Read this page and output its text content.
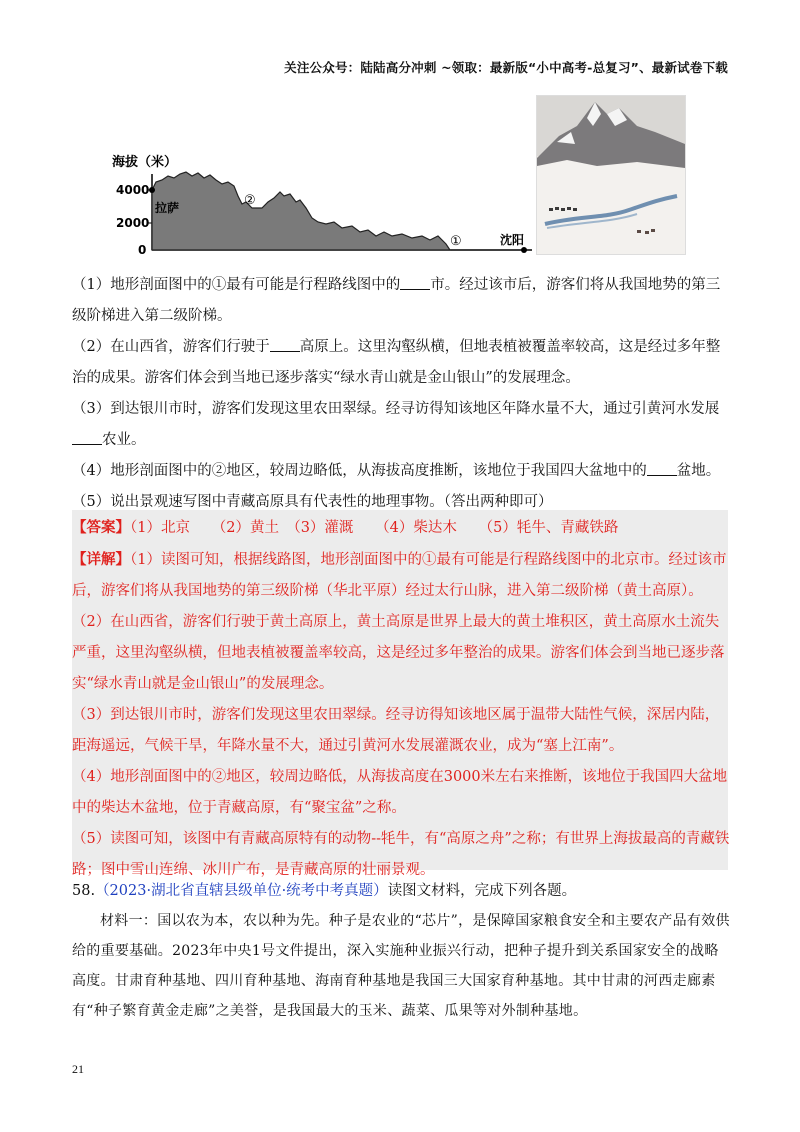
关注公众号：陆陆高分冲刺 ~领取：最新版“小中高考-总复习”、最新试卷下载
海拔（米）
4000
2000
0
拉萨	②
①	沈阳

（1）地形剖面图中的①最有可能是行程路线图中的 市。经过该市后，游客们将从我国地势的第三级阶梯进入第二级阶梯。

（2）在山西省，游客们行驶于 高原上。这里沟壑纵横，但地表植被覆盖率较高，这是经过多年整治的成果。游客们体会到当地已逐步落实“绿水青山就是金山银山”的发展理念。

（3）到达银川市时，游客们发现这里农田翠绿。经寻访得知该地区年降水量不大，通过引黄河水发展农业。

（4）地形剖面图中的②地区，较周边略低，从海拔高度推断，该地位于我国四大盆地中的 盆地。

（5）说出景观速写图中青藏高原具有代表性的地理事物。（答出两种即可）

【答案】（1）北京　　（2）黄土　（3）灌溉　　（4）柴达木　　（5）牦牛、青藏铁路

【详解】（1）读图可知，根据线路图，地形剖面图中的①最有可能是行程路线图中的北京市。经过该市后，游客们将从我国地势的第三级阶梯（华北平原）经过太行山脉，进入第二级阶梯（黄土高原）。

（2）在山西省，游客们行驶于黄土高原上，黄土高原是世界上最大的黄土堆积区，黄土高原水土流失严重，这里沟壑纵横，但地表植被覆盖率较高，这是经过多年整治的成果。游客们体会到当地已逐步落实“绿水青山就是金山银山”的发展理念。

（3）到达银川市时，游客们发现这里农田翠绿。经寻访得知该地区属于温带大陆性气候，深居内陆，距海遥远，气候干旱，年降水量不大，通过引黄河水发展灌溉农业，成为“塞上江南”。

（4）地形剖面图中的②地区，较周边略低，从海拔高度在3000米左右来推断，该地位于我国四大盆地中的柴达木盆地，位于青藏高原，有“聚宝盆”之称。

（5）读图可知，该图中有青藏高原特有的动物--牦牛，有“高原之舟”之称；有世界上海拔最高的青藏铁路；图中雪山连绵、冰川广布，是青藏高原的壮丽景观。

58.（2023·湖北省直辖县级单位·统考中考真题）读图文材料，完成下列各题。

材料一：国以农为本，农以种为先。种子是农业的“芯片”，是保障国家粮食安全和主要农产品有效供给的重要基础。2023年中央1号文件提出，深入实施种业振兴行动，把种子提升到关系国家安全的战略高度。甘肃育种基地、四川育种基地、海南育种基地是我国三大国家育种基地。其中甘肃的河西走廊素有“种子繁育黄金走廊”之美誉，是我国最大的玉米、蔬菜、瓜果等对外制种基地。

21
